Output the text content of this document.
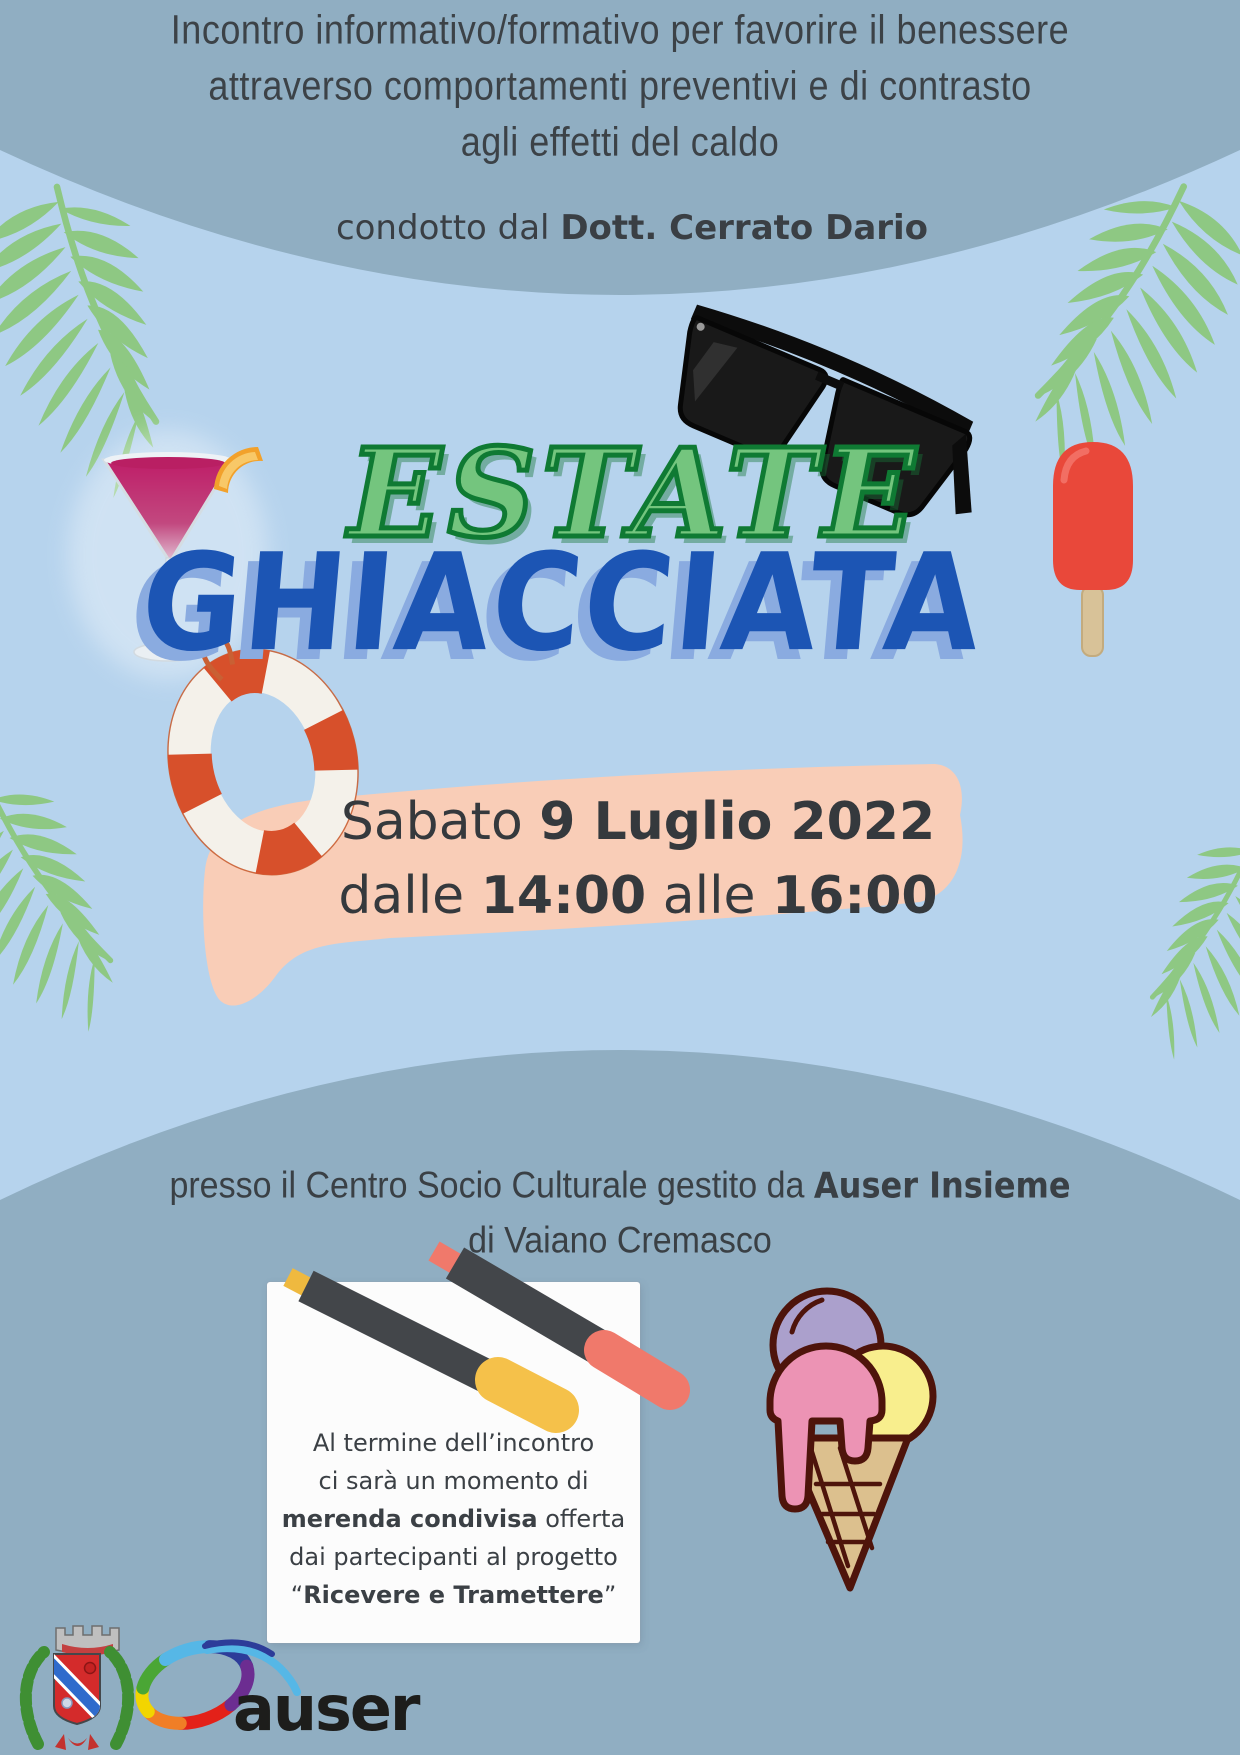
Incontro informativo/formativo per favorire il benessere
attraverso comportamenti preventivi e di contrasto
agli effetti del caldo
condotto dal Dott. Cerrato Dario
ESTATE
GHIACCIATA
Sabato 9 Luglio 2022
dalle 14:00 alle 16:00
presso il Centro Socio Culturale gestito da Auser Insieme
di Vaiano Cremasco
Al termine dell’incontro
ci sarà un momento di
merenda condivisa offerta
dai partecipanti al progetto
“Ricevere e Tramettere”
auser
